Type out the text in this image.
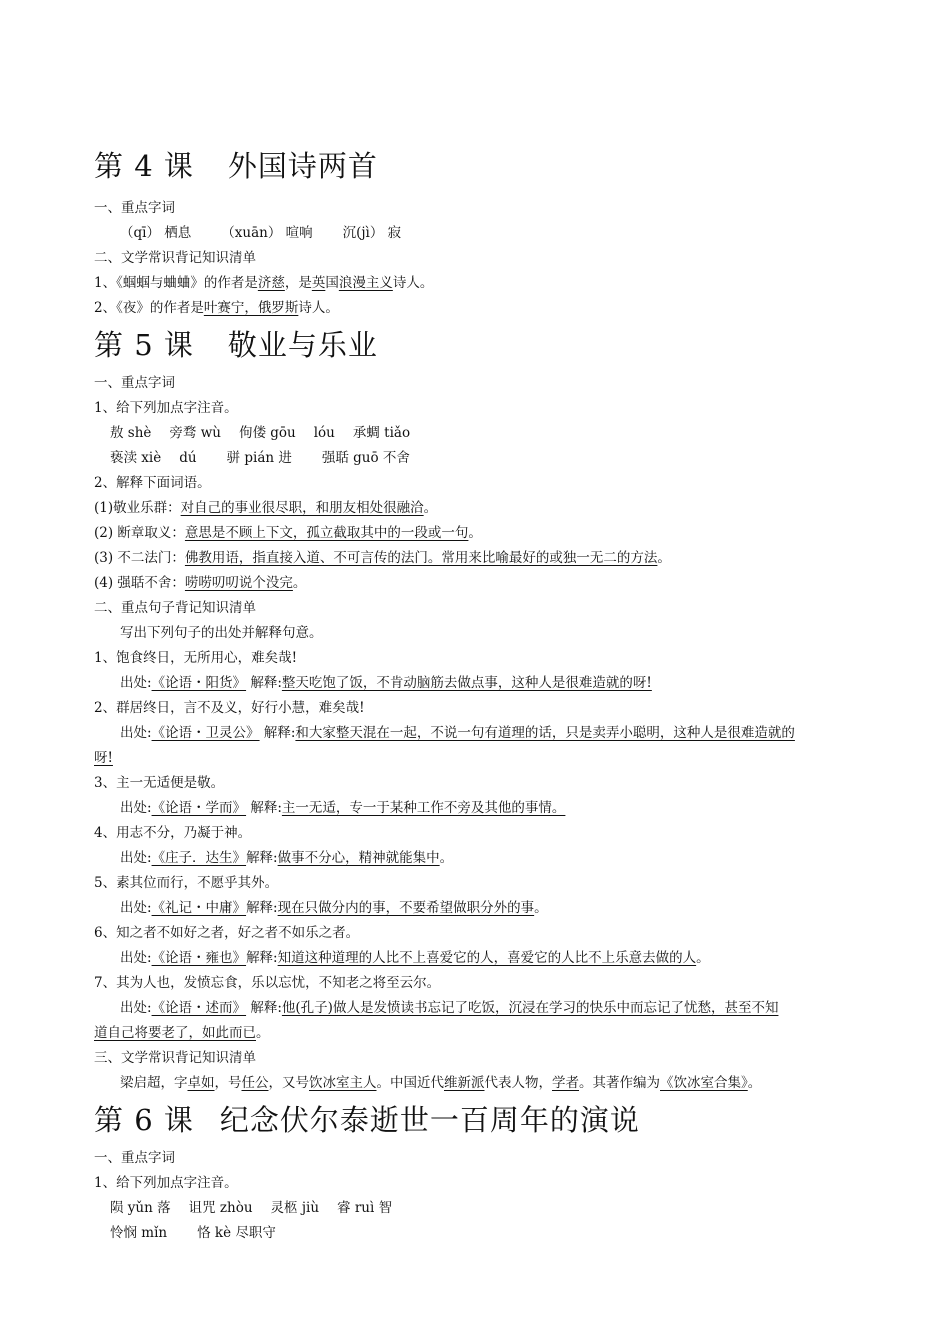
第 4 课 外国诗两首
一、重点字词
（qī） 栖息 （xuān） 喧响 沉(jì） 寂
二、文学常识背记知识清单
1、《蝈蝈与蛐蛐》的作者是济慈，是英国浪漫主义诗人。
2、《夜》的作者是叶赛宁，俄罗斯诗人。
第 5 课 敬业与乐业
一、重点字词
1、给下列加点字注音。
敖 shè 旁骛 wù 佝偻 gōu lóu 承蜩 tiǎo
亵渎 xiè dú 骈 pián 进 强聒 guō 不舍
2、解释下面词语。
(1)敬业乐群：对自己的事业很尽职，和朋友相处很融洽。
(2) 断章取义：意思是不顾上下文，孤立截取其中的一段或一句。
(3) 不二法门：佛教用语，指直接入道、不可言传的法门。常用来比喻最好的或独一无二的方法。
(4) 强聒不舍：唠唠叨叨说个没完。
二、重点句子背记知识清单
写出下列句子的出处并解释句意。
1、饱食终日，无所用心，难矣哉!
出处:《论语・阳货》 解释:整天吃饱了饭，不肯动脑筋去做点事，这种人是很难造就的呀!
2、群居终日，言不及义，好行小慧，难矣哉!
出处:《论语・卫灵公》 解释:和大家整天混在一起，不说一句有道理的话，只是卖弄小聪明，这种人是很难造就的
呀!
3、主一无适便是敬。
出处:《论语・学而》 解释:主一无适，专一于某种工作不旁及其他的事情。
4、用志不分，乃凝于神。
出处:《庄子．达生》解释:做事不分心，精神就能集中。
5、素其位而行，不愿乎其外。
出处:《礼记・中庸》解释:现在只做分内的事，不要希望做职分外的事。
6、知之者不如好之者，好之者不如乐之者。
出处:《论语・雍也》解释:知道这种道理的人比不上喜爱它的人，喜爱它的人比不上乐意去做的人。
7、其为人也，发愤忘食，乐以忘忧，不知老之将至云尔。
出处:《论语・述而》 解释:他(孔子)做人是发愤读书忘记了吃饭，沉浸在学习的快乐中而忘记了忧愁，甚至不知
道自己将要老了，如此而已。
三、文学常识背记知识清单
梁启超，字卓如，号任公，又号饮冰室主人。中国近代维新派代表人物，学者。其著作编为《饮冰室合集》。
第 6 课 纪念伏尔泰逝世一百周年的演说
一、重点字词
1、给下列加点字注音。
陨 yǔn 落 诅咒 zhòu 灵柩 jiù 睿 ruì 智
怜悯 mǐn 恪 kè 尽职守
